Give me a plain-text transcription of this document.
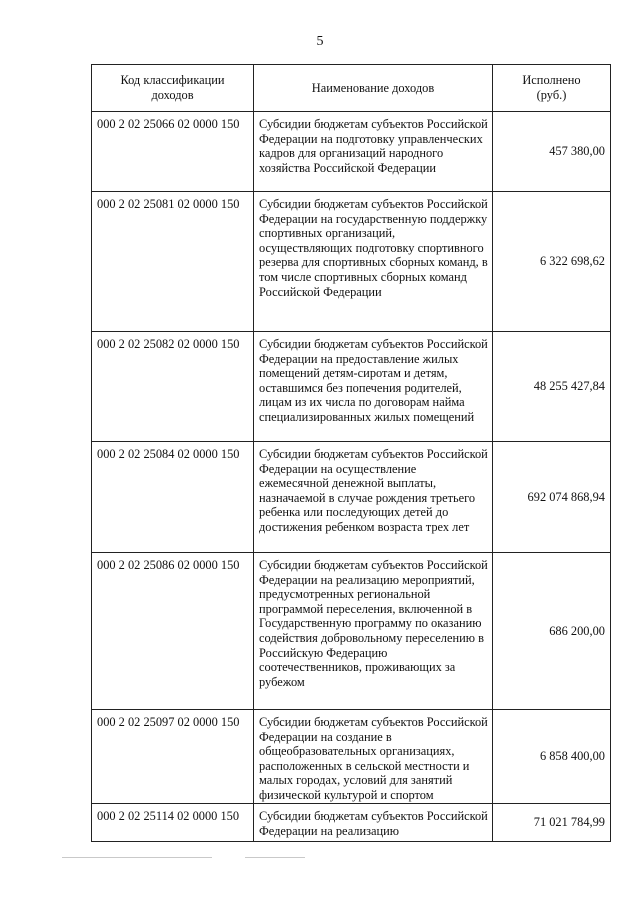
5
Код классификации доходов	Наименование доходов	Исполнено (руб.)
000 2 02 25066 02 0000 150	Субсидии бюджетам субъектов Российской Федерации на подготовку управленческих кадров для организаций народного хозяйства Российской Федерации	457 380,00
000 2 02 25081 02 0000 150	Субсидии бюджетам субъектов Российской Федерации на государственную поддержку спортивных организаций, осуществляющих подготовку спортивного резерва для спортивных сборных команд, в том числе спортивных сборных команд Российской Федерации	6 322 698,62
000 2 02 25082 02 0000 150	Субсидии бюджетам субъектов Российской Федерации на предоставление жилых помещений детям-сиротам и детям, оставшимся без попечения родителей, лицам из их числа по договорам найма специализированных жилых помещений	48 255 427,84
000 2 02 25084 02 0000 150	Субсидии бюджетам субъектов Российской Федерации на осуществление ежемесячной денежной выплаты, назначаемой в случае рождения третьего ребенка или последующих детей до достижения ребенком возраста трех лет	692 074 868,94
000 2 02 25086 02 0000 150	Субсидии бюджетам субъектов Российской Федерации на реализацию мероприятий, предусмотренных региональной программой переселения, включенной в Государственную программу по оказанию содействия добровольному переселению в Российскую Федерацию соотечественников, проживающих за рубежом	686 200,00
000 2 02 25097 02 0000 150	Субсидии бюджетам субъектов Российской Федерации на создание в общеобразовательных организациях, расположенных в сельской местности и малых городах, условий для занятий физической культурой и спортом	6 858 400,00
000 2 02 25114 02 0000 150	Субсидии бюджетам субъектов Российской Федерации на реализацию	71 021 784,99
